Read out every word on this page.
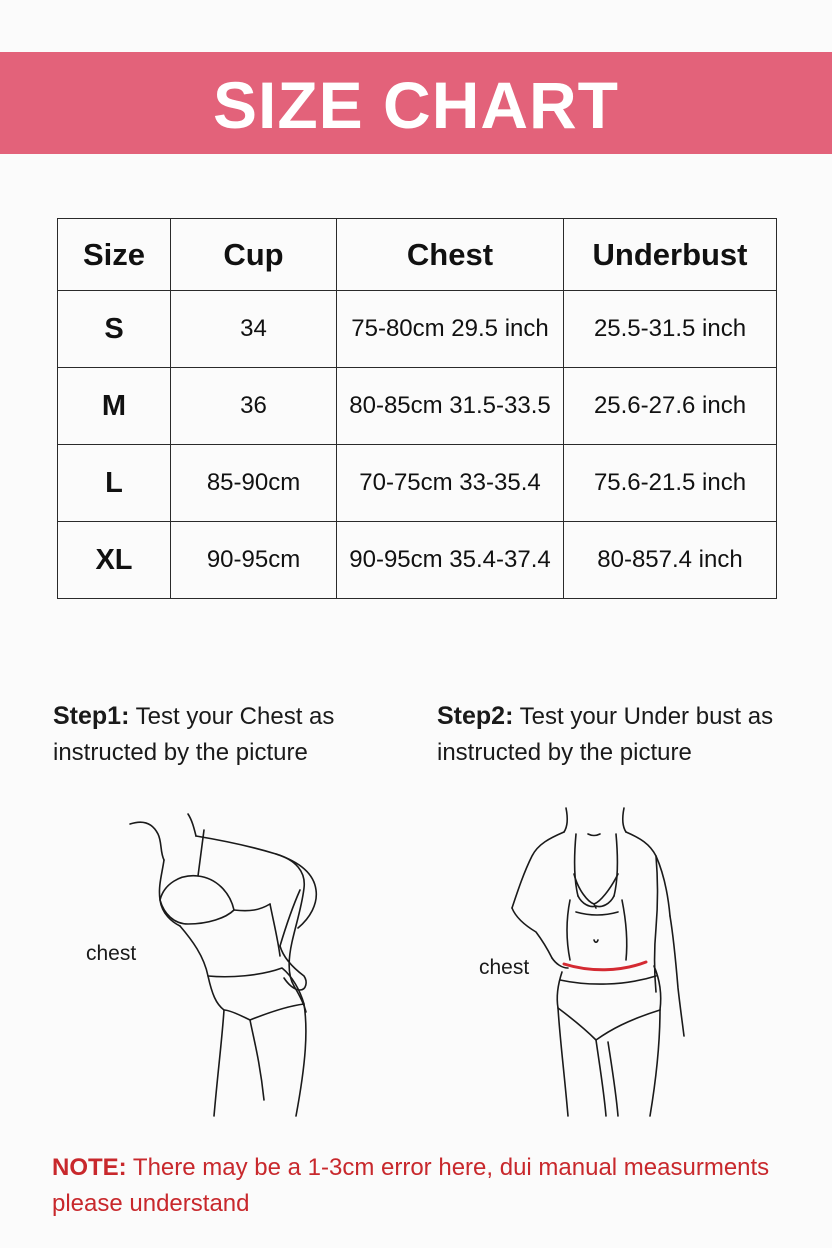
SIZE CHART
Size	Cup	Chest	Underbust
S	34	75-80cm 29.5 inch	25.5-31.5 inch
M	36	80-85cm 31.5-33.5	25.6-27.6 inch
L	85-90cm	70-75cm 33-35.4	75.6-21.5 inch
XL	90-95cm	90-95cm 35.4-37.4	80-857.4 inch
Step1: Test your Chest as instructed by the picture
Step2: Test your Under bust as instructed by the picture
chest
chest
NOTE: There may be a 1-3cm error here, dui manual measurments please understand
